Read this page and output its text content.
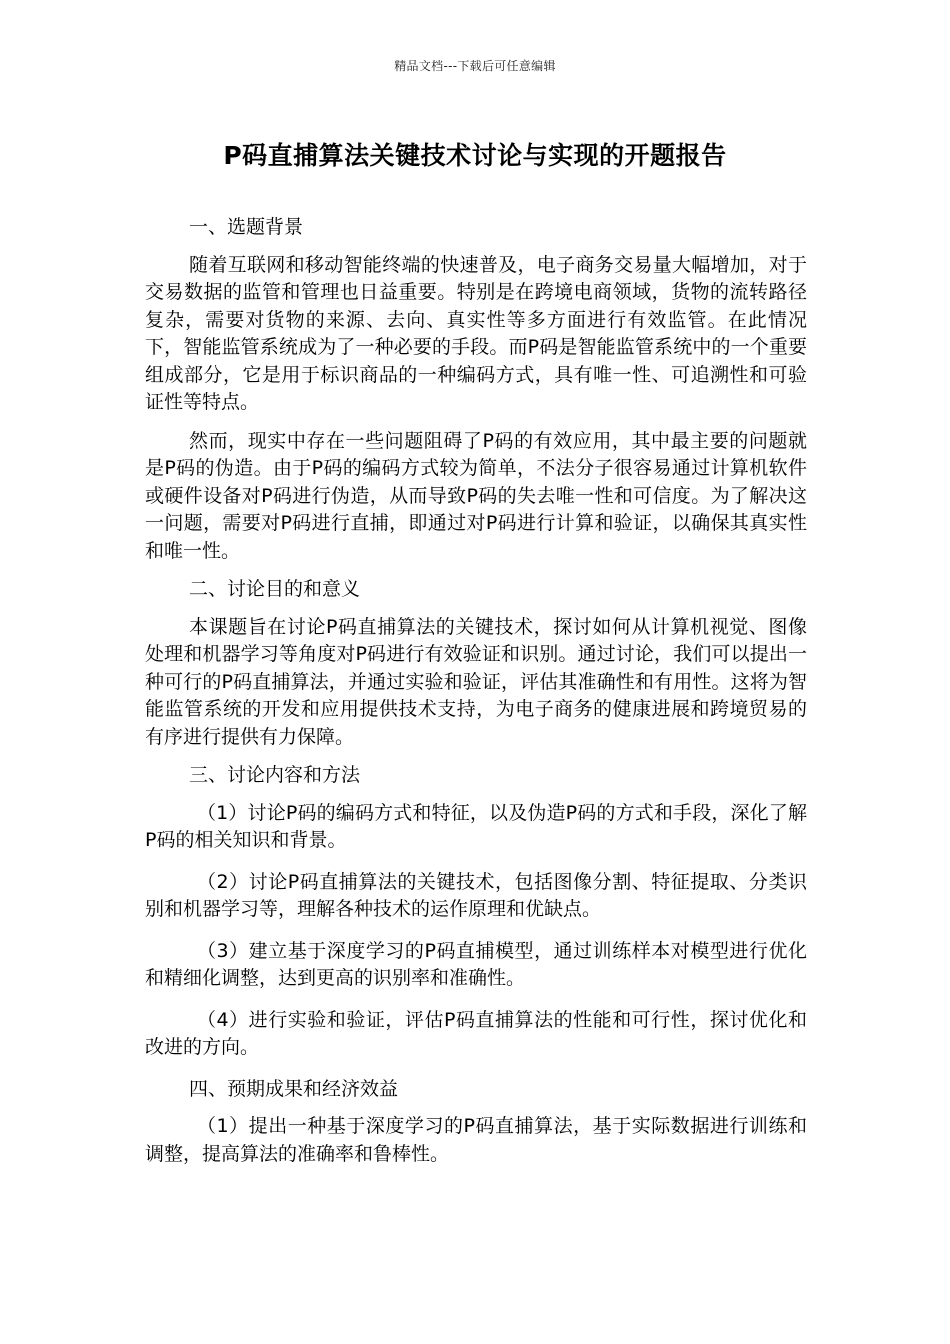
精品文档---下载后可任意编辑
P码直捕算法关键技术讨论与实现的开题报告

一、选题背景

随着互联网和移动智能终端的快速普及，电子商务交易量大幅增加，对于交易数据的监管和管理也日益重要。特别是在跨境电商领域，货物的流转路径复杂，需要对货物的来源、去向、真实性等多方面进行有效监管。在此情况下，智能监管系统成为了一种必要的手段。而P码是智能监管系统中的一个重要组成部分，它是用于标识商品的一种编码方式，具有唯一性、可追溯性和可验证性等特点。

然而，现实中存在一些问题阻碍了P码的有效应用，其中最主要的问题就是P码的伪造。由于P码的编码方式较为简单，不法分子很容易通过计算机软件或硬件设备对P码进行伪造，从而导致P码的失去唯一性和可信度。为了解决这一问题，需要对P码进行直捕，即通过对P码进行计算和验证，以确保其真实性和唯一性。

二、讨论目的和意义

本课题旨在讨论P码直捕算法的关键技术，探讨如何从计算机视觉、图像处理和机器学习等角度对P码进行有效验证和识别。通过讨论，我们可以提出一种可行的P码直捕算法，并通过实验和验证，评估其准确性和有用性。这将为智能监管系统的开发和应用提供技术支持，为电子商务的健康进展和跨境贸易的有序进行提供有力保障。

三、讨论内容和方法

（1）讨论P码的编码方式和特征，以及伪造P码的方式和手段，深化了解P码的相关知识和背景。

（2）讨论P码直捕算法的关键技术，包括图像分割、特征提取、分类识别和机器学习等，理解各种技术的运作原理和优缺点。

（3）建立基于深度学习的P码直捕模型，通过训练样本对模型进行优化和精细化调整，达到更高的识别率和准确性。

（4）进行实验和验证，评估P码直捕算法的性能和可行性，探讨优化和改进的方向。

四、预期成果和经济效益

（1）提出一种基于深度学习的P码直捕算法，基于实际数据进行训练和调整，提高算法的准确率和鲁棒性。
